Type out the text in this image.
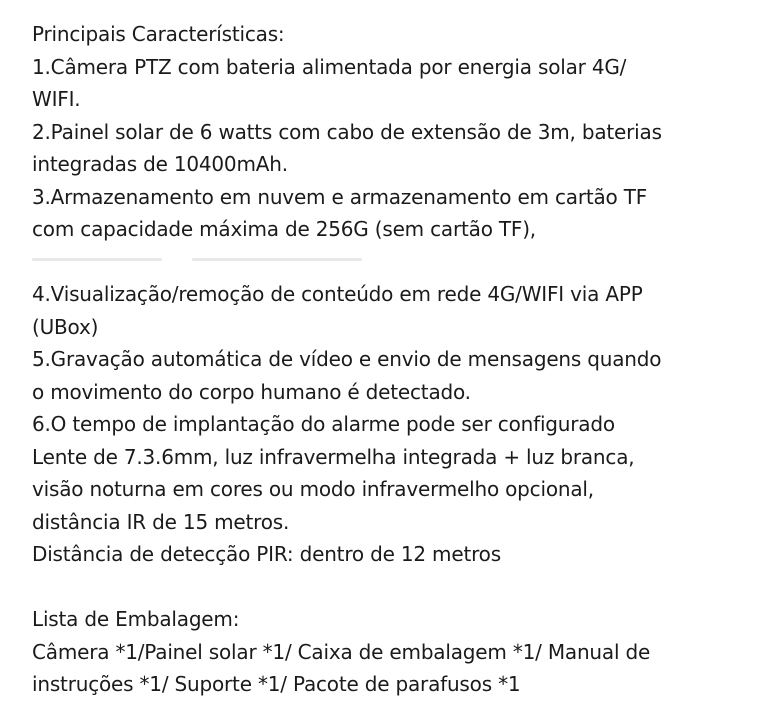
Principais Características:
1.Câmera PTZ com bateria alimentada por energia solar 4G/
WIFI.
2.Painel solar de 6 watts com cabo de extensão de 3m, baterias
integradas de 10400mAh.
3.Armazenamento em nuvem e armazenamento em cartão TF
com capacidade máxima de 256G (sem cartão TF),
4.Visualização/remoção de conteúdo em rede 4G/WIFI via APP
(UBox)
5.Gravação automática de vídeo e envio de mensagens quando
o movimento do corpo humano é detectado.
6.O tempo de implantação do alarme pode ser configurado
Lente de 7.3.6mm, luz infravermelha integrada + luz branca,
visão noturna em cores ou modo infravermelho opcional,
distância IR de 15 metros.
Distância de detecção PIR: dentro de 12 metros
Lista de Embalagem:
Câmera *1/Painel solar *1/ Caixa de embalagem *1/ Manual de
instruções *1/ Suporte *1/ Pacote de parafusos *1
